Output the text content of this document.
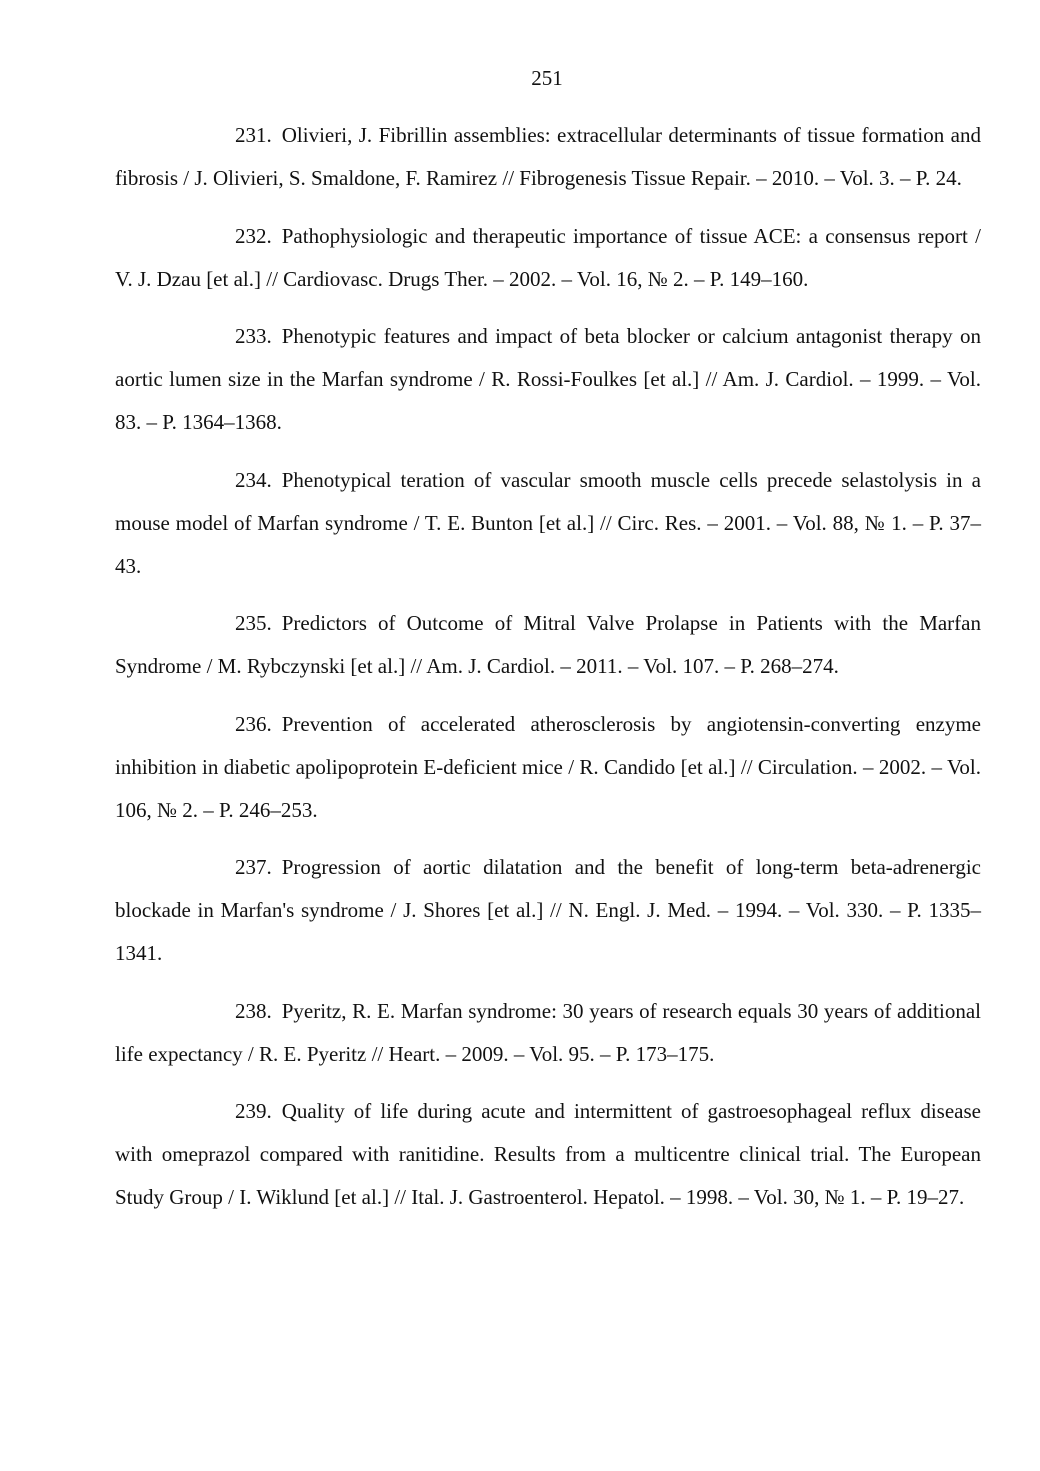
251

231. Olivieri, J. Fibrillin assemblies: extracellular determinants of tissue formation and fibrosis / J. Olivieri, S. Smaldone, F. Ramirez // Fibrogenesis Tissue Repair. – 2010. – Vol. 3. – P. 24.

232. Pathophysiologic and therapeutic importance of tissue ACE: a consensus report / V. J. Dzau [et al.] // Cardiovasc. Drugs Ther. – 2002. – Vol. 16, № 2. – P. 149–160.

233. Phenotypic features and impact of beta blocker or calcium antagonist therapy on aortic lumen size in the Marfan syndrome / R. Rossi-Foulkes [et al.] // Am. J. Cardiol. – 1999. – Vol. 83. – P. 1364–1368.

234. Phenotypical teration of vascular smooth muscle cells precede selastolysis in a mouse model of Marfan syndrome / T. E. Bunton [et al.] // Circ. Res. – 2001. – Vol. 88, № 1. – P. 37–43.

235. Predictors of Outcome of Mitral Valve Prolapse in Patients with the Marfan Syndrome / M. Rybczynski [et al.] // Am. J. Cardiol. – 2011. – Vol. 107. – P. 268–274.

236. Prevention of accelerated atherosclerosis by angiotensin-converting enzyme inhibition in diabetic apolipoprotein E-deficient mice / R. Candido [et al.] // Circulation. – 2002. – Vol. 106, № 2. – P. 246–253.

237. Progression of aortic dilatation and the benefit of long-term beta-adrenergic blockade in Marfan's syndrome / J. Shores [et al.] // N. Engl. J. Med. – 1994. – Vol. 330. – P. 1335–1341.

238. Pyeritz, R. E. Marfan syndrome: 30 years of research equals 30 years of additional life expectancy / R. E. Pyeritz // Heart. – 2009. – Vol. 95. – P. 173–175.

239. Quality of life during acute and intermittent of gastroesophageal reflux disease with omeprazol compared with ranitidine. Results from a multicentre clinical trial. The European Study Group / I. Wiklund [et al.] // Ital. J. Gastroenterol. Hepatol. – 1998. – Vol. 30, № 1. – P. 19–27.
